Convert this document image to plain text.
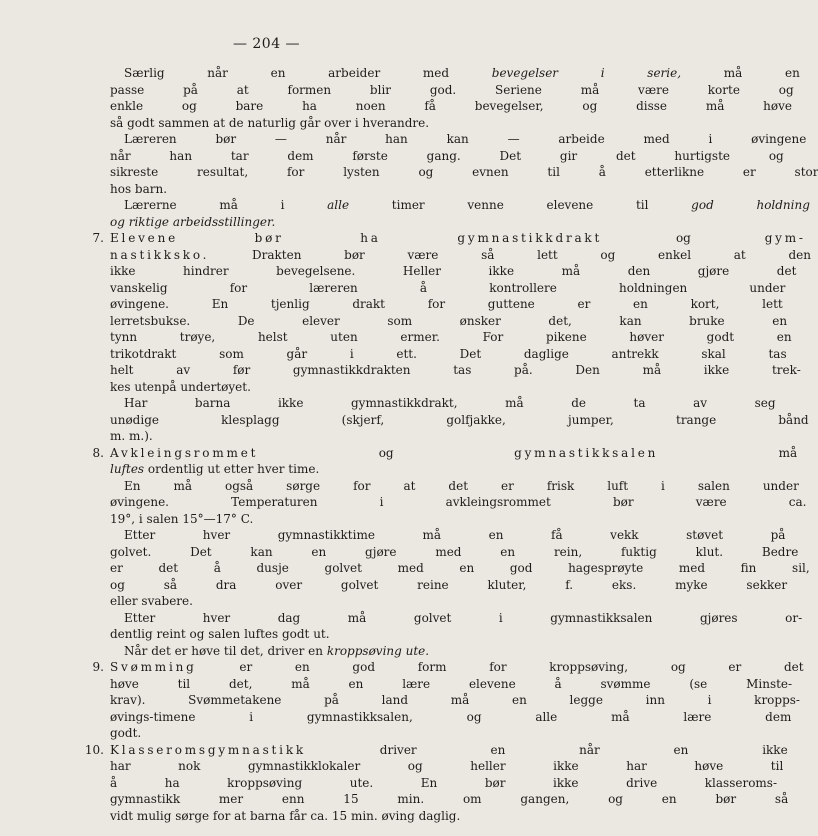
— 204 —
Særlig når en arbeider med bevegelser i serie, må en
passe på at formen blir god. Seriene må være korte og
enkle og bare ha noen få bevegelser, og disse må høve
så godt sammen at de naturlig går over i hverandre.
Læreren bør — når han kan — arbeide med i øvingene
når han tar dem første gang. Det gir det hurtigste og
sikreste resultat, for lysten og evnen til å etterlikne er stor
hos barn.
Lærerne må i alle timer venne elevene til god holdning
og riktige arbeidsstillinger.
7. Elevene bør ha gymnastikkdrakt og gym-
nastikksko. Drakten bør være så lett og enkel at den
ikke hindrer bevegelsene. Heller ikke må den gjøre det
vanskelig for læreren å kontrollere holdningen under
øvingene. En tjenlig drakt for guttene er en kort, lett
lerretsbukse. De elever som ønsker det, kan bruke en
tynn trøye, helst uten ermer. For pikene høver godt en
trikotdrakt som går i ett. Det daglige antrekk skal tas
helt av før gymnastikkdrakten tas på. Den må ikke trek-
kes utenpå undertøyet.
Har barna ikke gymnastikkdrakt, må de ta av seg
unødige klesplagg (skjerf, golfjakke, jumper, trange bånd
m. m.).
8. Avkleingsrommet og gymnastikksalen må
luftes ordentlig ut etter hver time.
En må også sørge for at det er frisk luft i salen under
øvingene. Temperaturen i avkleingsrommet bør være ca.
19°, i salen 15°—17° C.
Etter hver gymnastikktime må en få vekk støvet på
golvet. Det kan en gjøre med en rein, fuktig klut. Bedre
er det å dusje golvet med en god hagesprøyte med fin sil,
og så dra over golvet reine kluter, f. eks. myke sekker
eller svabere.
Etter hver dag må golvet i gymnastikksalen gjøres or-
dentlig reint og salen luftes godt ut.
Når det er høve til det, driver en kroppsøving ute.
9. Svømming er en god form for kroppsøving, og er det
høve til det, må en lære elevene å svømme (se Minste-
krav). Svømmetakene på land må en legge inn i kropps-
øvings-timene i gymnastikksalen, og alle må lære dem
godt.
10. Klasseromsgymnastikk driver en når en ikke
har nok gymnastikklokaler og heller ikke har høve til
å ha kroppsøving ute. En bør ikke drive klasseroms-
gymnastikk mer enn 15 min. om gangen, og en bør så
vidt mulig sørge for at barna får ca. 15 min. øving daglig.
